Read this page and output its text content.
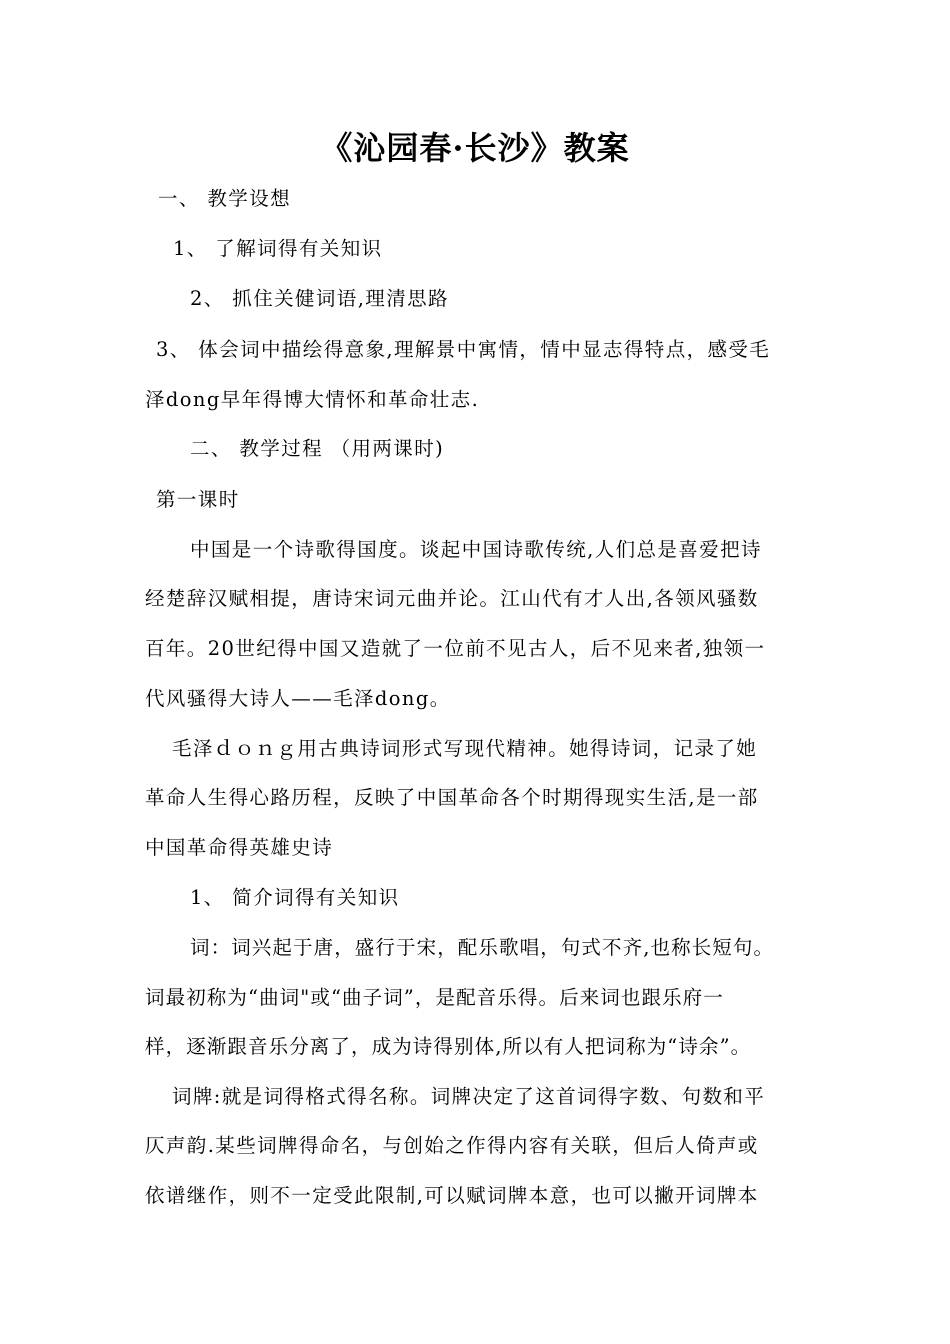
《沁园春·长沙》教案
一、 教学设想
1、 了解词得有关知识
2、 抓住关健词语,理清思路
3、 体会词中描绘得意象,理解景中寓情，情中显志得特点，感受毛
泽dong早年得博大情怀和革命壮志.
二、 教学过程 （用两课时)
第一课时
中国是一个诗歌得国度。谈起中国诗歌传统,人们总是喜爱把诗
经楚辞汉赋相提，唐诗宋词元曲并论。江山代有才人出,各领风骚数
百年。20世纪得中国又造就了一位前不见古人，后不见来者,独领一
代风骚得大诗人——毛泽dong。
毛泽ｄｏｎｇ用古典诗词形式写现代精神。她得诗词，记录了她
革命人生得心路历程，反映了中国革命各个时期得现实生活,是一部
中国革命得英雄史诗
1、 简介词得有关知识
词：词兴起于唐，盛行于宋，配乐歌唱，句式不齐,也称长短句。
词最初称为“曲词"或“曲子词”，是配音乐得。后来词也跟乐府一
样，逐渐跟音乐分离了，成为诗得别体,所以有人把词称为“诗余”。
词牌:就是词得格式得名称。词牌决定了这首词得字数、句数和平
仄声韵.某些词牌得命名，与创始之作得内容有关联，但后人倚声或
依谱继作，则不一定受此限制,可以赋词牌本意，也可以撇开词牌本
